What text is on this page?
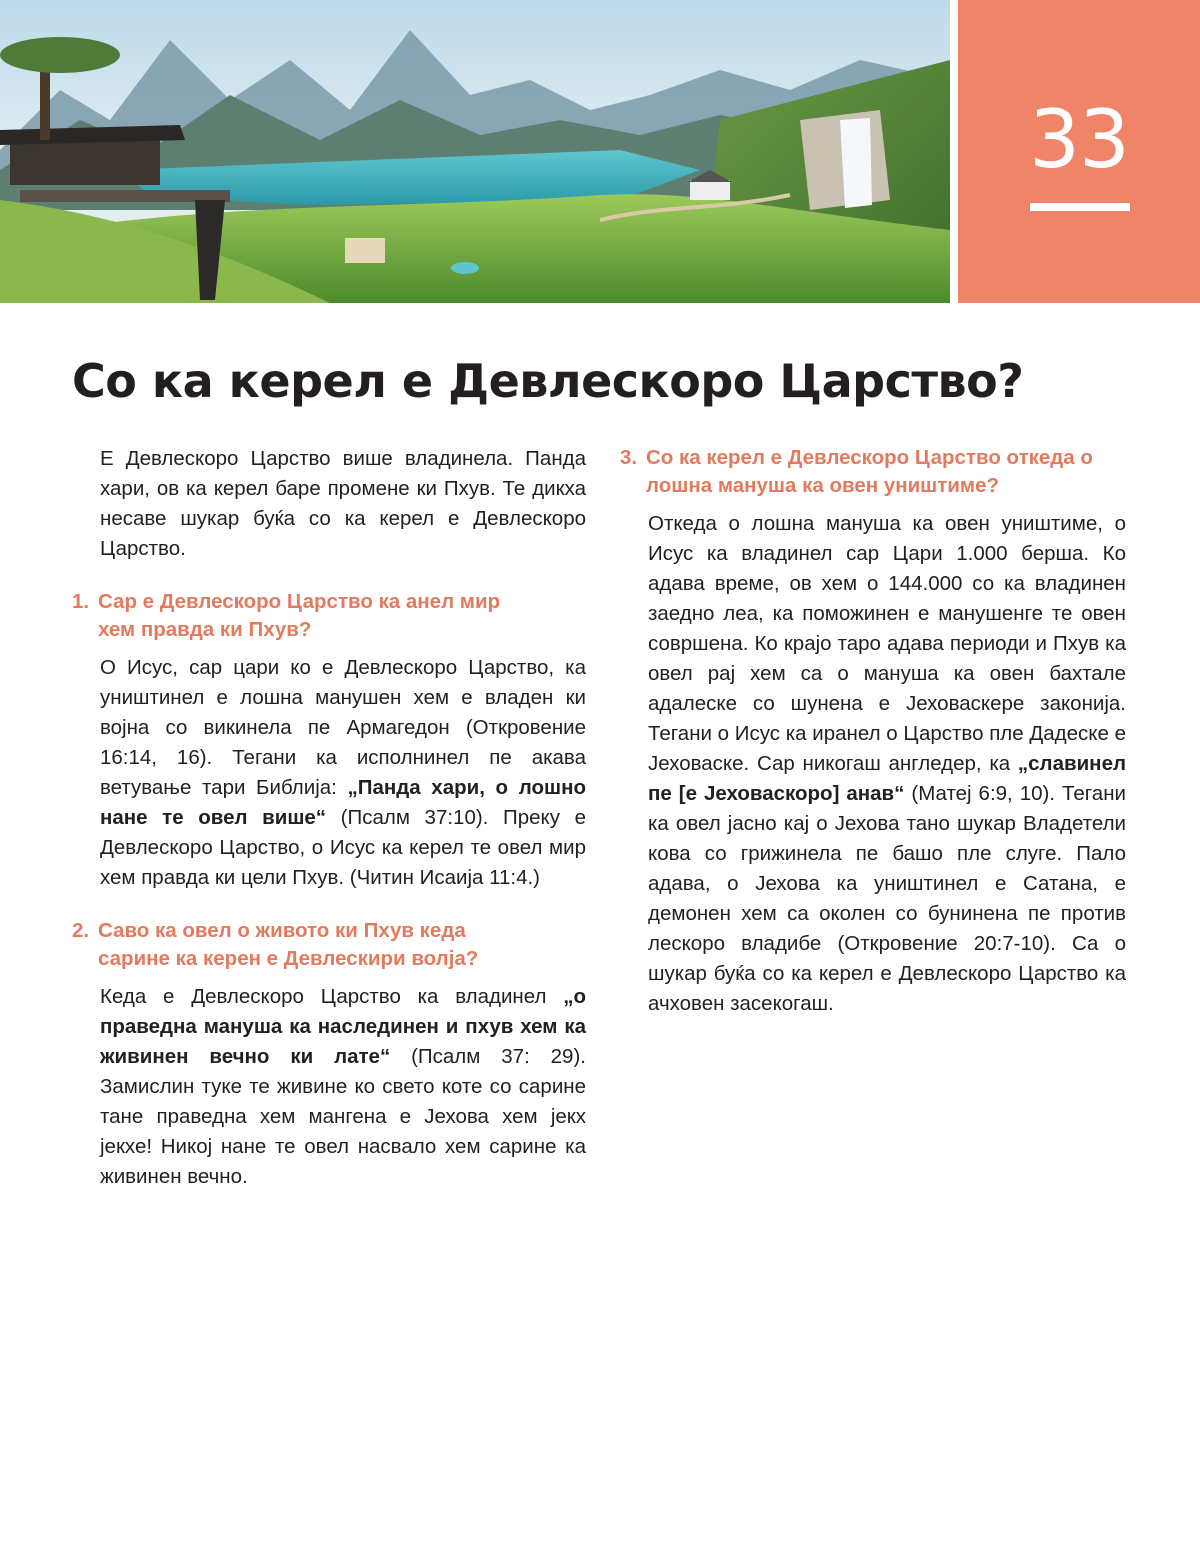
33
Со ка керел е Девлескоро Царство?

Е Девлескоро Царство више владинела. Панда хари, ов ка керел баре промене ки Пхув. Те дикха несаве шукар буќа со ка керел е Девлескоро Царство.

1. Сар е Девлескоро Царство ка анел мир хем правда ки Пхув?

О Исус, сар цари ко е Девлескоро Царство, ка уништинел е лошна манушен хем е владен ки војна со викинела пе Армагедон (Откровение 16:14, 16). Тегани ка исполнинел пе акава ветување тари Библија: „Панда хари, о лошно нане те овел више“ (Псалм 37:10). Преку е Девлескоро Царство, о Исус ка керел те овел мир хем правда ки цели Пхув. (Читин Исаија 11:4.)

2. Саво ка овел о живото ки Пхув кеда сарине ка керен е Девлескири волја?

Кеда е Девлескоро Царство ка владинел „о праведна мануша ка наслединен и пхув хем ка живинен вечно ки лате“ (Псалм 37: 29). Замислин туке те живине ко свето коте со сарине тане праведна хем мангена е Јехова хем јекх јекхе! Никој нане те овел насвало хем сарине ка живинен вечно.

3. Со ка керел е Девлескоро Царство откеда о лошна мануша ка овен уништиме?

Откеда о лошна мануша ка овен уништиме, о Исус ка владинел сар Цари 1.000 берша. Ко адава време, ов хем о 144.000 со ка владинен заедно леа, ка поможинен е манушенге те овен совршена. Ко крајо таро адава периоди и Пхув ка овел рај хем са о мануша ка овен бахтале адалеске со шунена е Јеховаскере законија. Тегани о Исус ка иранел о Царство пле Дадеске е Јеховаске. Сар никогаш англедер, ка „славинел пе [е Јеховаскоро] анав“ (Матеј 6:9, 10). Тегани ка овел јасно кај о Јехова тано шукар Владетели кова со грижинела пе башо пле слуге. Пало адава, о Јехова ка уништинел е Сатана, е демонен хем са околен со бунинена пе против лескоро владибе (Откровение 20:7-10). Са о шукар буќа со ка керел е Девлескоро Царство ка ачховен засекогаш.
